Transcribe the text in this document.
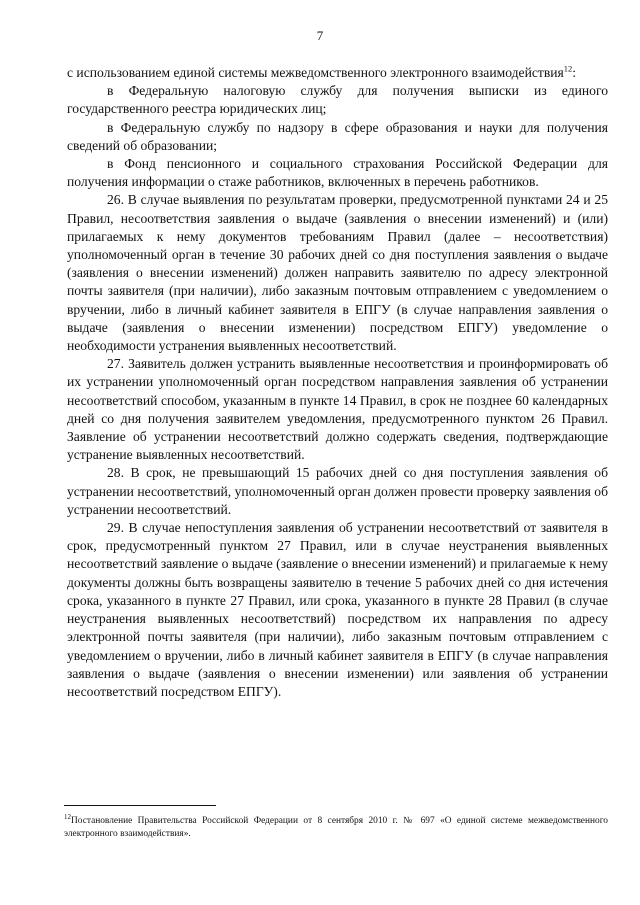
7

с использованием единой системы межведомственного электронного взаимодействия$^{12}$:

в Федеральную налоговую службу для получения выписки из единого государственного реестра юридических лиц;

в Федеральную службу по надзору в сфере образования и науки для получения сведений об образовании;

в Фонд пенсионного и социального страхования Российской Федерации для получения информации о стаже работников, включенных в перечень работников.

26. В случае выявления по результатам проверки, предусмотренной пунктами 24 и 25 Правил, несоответствия заявления о выдаче (заявления о внесении изменений) и (или) прилагаемых к нему документов требованиям Правил (далее – несоответствия) уполномоченный орган в течение 30 рабочих дней со дня поступления заявления о выдаче (заявления о внесении изменений) должен направить заявителю по адресу электронной почты заявителя (при наличии), либо заказным почтовым отправлением с уведомлением о вручении, либо в личный кабинет заявителя в ЕПГУ (в случае направления заявления о выдаче (заявления о внесении изменении) посредством ЕПГУ) уведомление о необходимости устранения выявленных несоответствий.

27. Заявитель должен устранить выявленные несоответствия и проинформировать об их устранении уполномоченный орган посредством направления заявления об устранении несоответствий способом, указанным в пункте 14 Правил, в срок не позднее 60 календарных дней со дня получения заявителем уведомления, предусмотренного пунктом 26 Правил. Заявление об устранении несоответствий должно содержать сведения, подтверждающие устранение выявленных несоответствий.

28. В срок, не превышающий 15 рабочих дней со дня поступления заявления об устранении несоответствий, уполномоченный орган должен провести проверку заявления об устранении несоответствий.

29. В случае непоступления заявления об устранении несоответствий от заявителя в срок, предусмотренный пунктом 27 Правил, или в случае неустранения выявленных несоответствий заявление о выдаче (заявление о внесении изменений) и прилагаемые к нему документы должны быть возвращены заявителю в течение 5 рабочих дней со дня истечения срока, указанного в пункте 27 Правил, или срока, указанного в пункте 28 Правил (в случае неустранения выявленных несоответствий) посредством их направления по адресу электронной почты заявителя (при наличии), либо заказным почтовым отправлением с уведомлением о вручении, либо в личный кабинет заявителя в ЕПГУ (в случае направления заявления о выдаче (заявления о внесении изменении) или заявления об устранении несоответствий посредством ЕПГУ).

$^{12}$Постановление Правительства Российской Федерации от 8 сентября 2010 г. № 697 «О единой системе межведомственного электронного взаимодействия».
